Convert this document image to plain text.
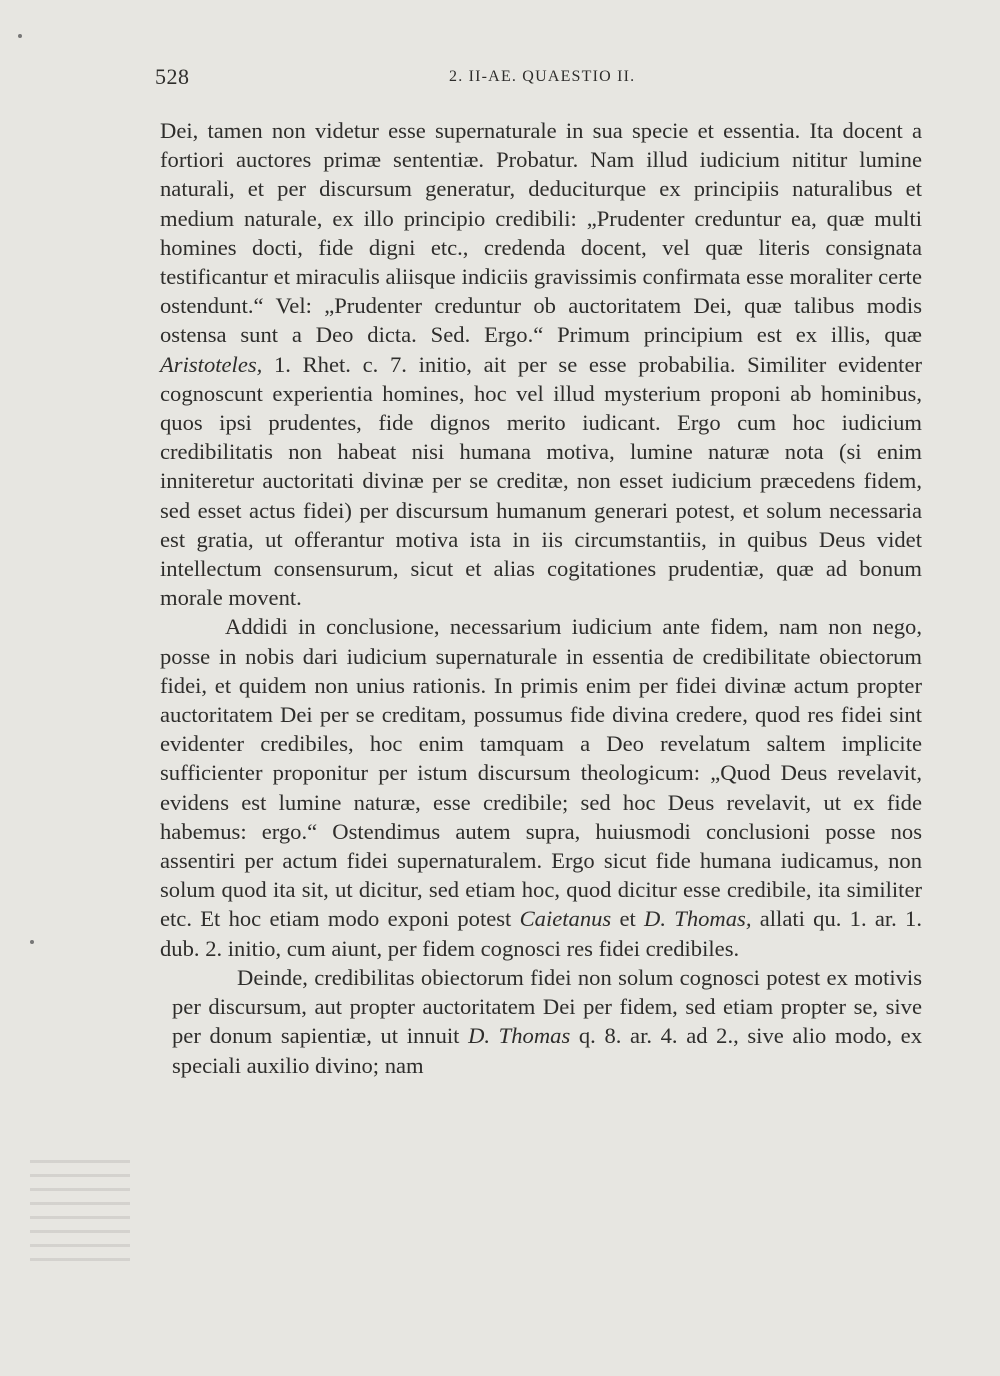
528	2. II-AE. QUAESTIO II.

Dei, tamen non videtur esse supernaturale in sua specie et essentia. Ita docent a fortiori auctores primæ sententiæ. Probatur. Nam illud iudicium nititur lumine naturali, et per discursum generatur, deduciturque ex principiis naturalibus et medium naturale, ex illo principio credibili: „Prudenter creduntur ea, quæ multi homines docti, fide digni etc., credenda docent, vel quæ literis consignata testificantur et miraculis aliisque indiciis gravissimis confirmata esse moraliter certe ostendunt.“ Vel: „Prudenter creduntur ob auctoritatem Dei, quæ talibus modis ostensa sunt a Deo dicta. Sed. Ergo.“ Primum principium est ex illis, quæ Aristoteles, 1. Rhet. c. 7. initio, ait per se esse probabilia. Similiter evidenter cognoscunt experientia homines, hoc vel illud mysterium proponi ab hominibus, quos ipsi prudentes, fide dignos merito iudicant. Ergo cum hoc iudicium credibilitatis non habeat nisi humana motiva, lumine naturæ nota (si enim inniteretur auctoritati divinæ per se creditæ, non esset iudicium præcedens fidem, sed esset actus fidei) per discursum humanum generari potest, et solum necessaria est gratia, ut offerantur motiva ista in iis circumstantiis, in quibus Deus videt intellectum consensurum, sicut et alias cogitationes prudentiæ, quæ ad bonum morale movent.

Addidi in conclusione, necessarium iudicium ante fidem, nam non nego, posse in nobis dari iudicium supernaturale in essentia de credibilitate obiectorum fidei, et quidem non unius rationis. In primis enim per fidei divinæ actum propter auctoritatem Dei per se creditam, possumus fide divina credere, quod res fidei sint evidenter credibiles, hoc enim tamquam a Deo revelatum saltem implicite sufficienter proponitur per istum discursum theologicum: „Quod Deus revelavit, evidens est lumine naturæ, esse credibile; sed hoc Deus revelavit, ut ex fide habemus: ergo.“ Ostendimus autem supra, huiusmodi conclusioni posse nos assentiri per actum fidei supernaturalem. Ergo sicut fide humana iudicamus, non solum quod ita sit, ut dicitur, sed etiam hoc, quod dicitur esse credibile, ita similiter etc. Et hoc etiam modo exponi potest Caietanus et D. Thomas, allati qu. 1. ar. 1. dub. 2. initio, cum aiunt, per fidem cognosci res fidei credibiles.

Deinde, credibilitas obiectorum fidei non solum cognosci potest ex motivis per discursum, aut propter auctoritatem Dei per fidem, sed etiam propter se, sive per donum sapientiæ, ut innuit D. Thomas q. 8. ar. 4. ad 2., sive alio modo, ex speciali auxilio divino; nam
